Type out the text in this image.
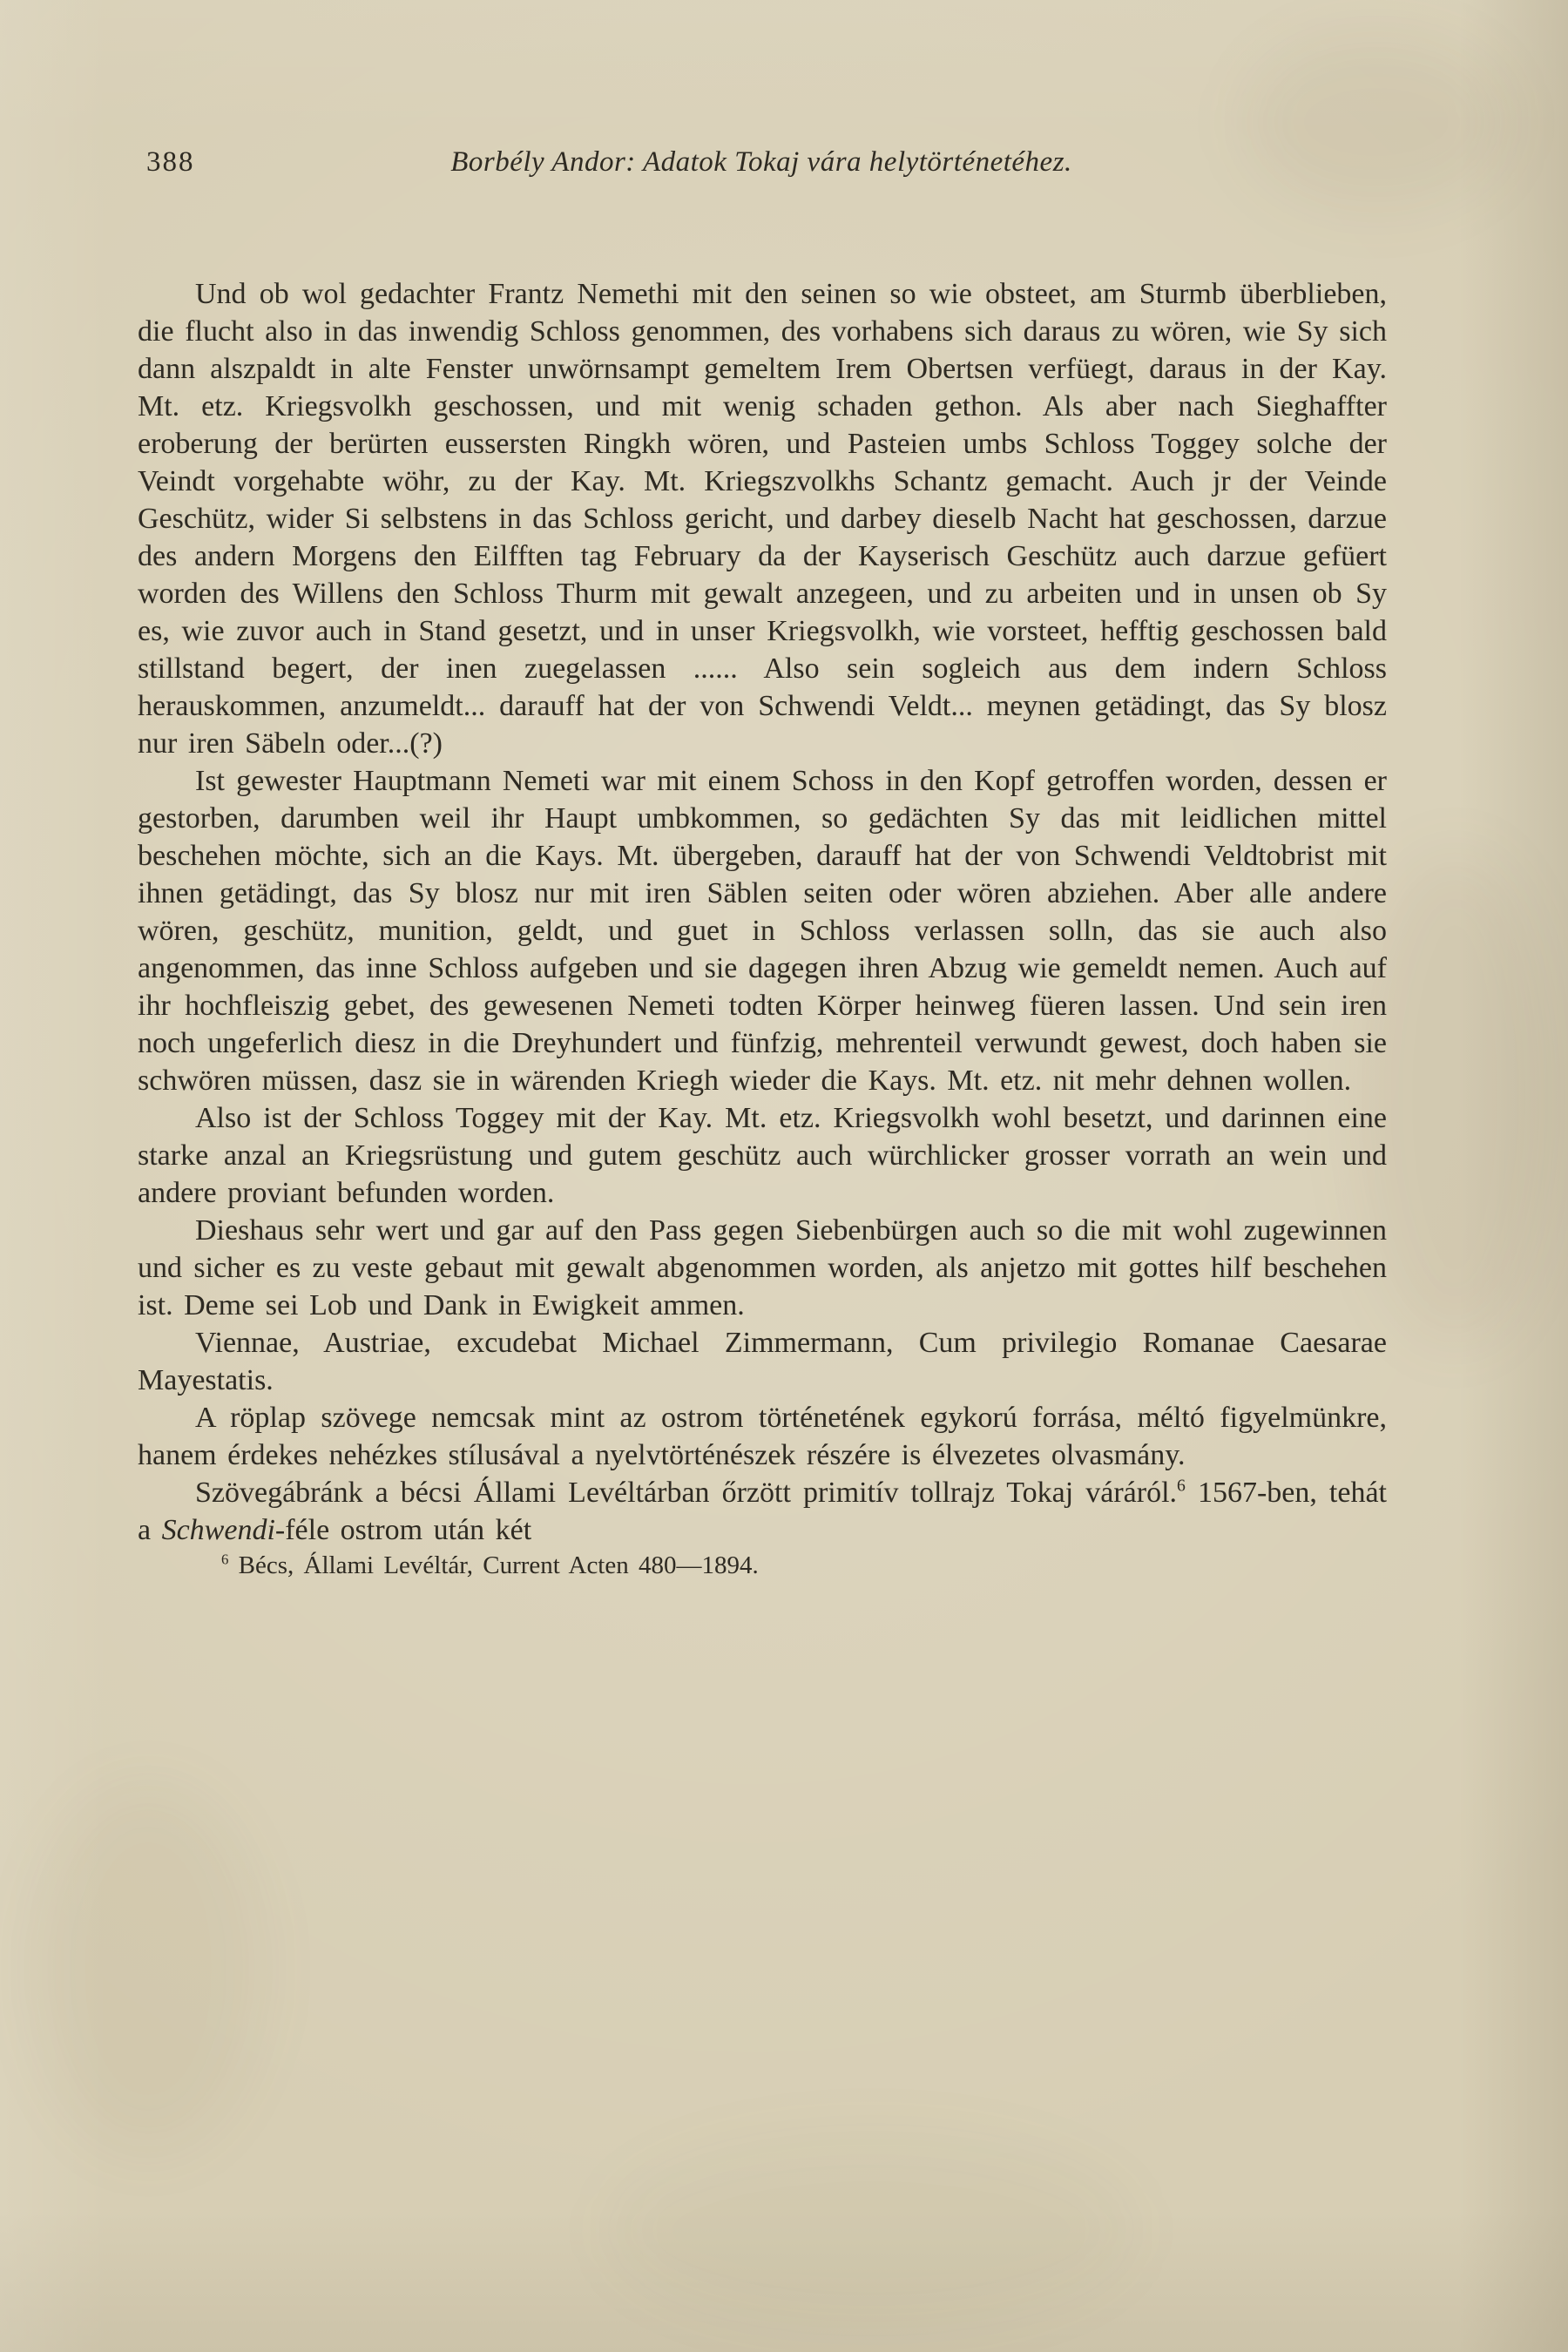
388	Borbély Andor: Adatok Tokaj vára helytörténetéhez.

Und ob wol gedachter Frantz Nemethi mit den seinen so wie obsteet, am Sturmb überblieben, die flucht also in das inwendig Schloss genommen, des vorhabens sich daraus zu wören, wie Sy sich dann alszpaldt in alte Fenster unwörnsampt gemeltem Irem Obertsen verfüegt, daraus in der Kay. Mt. etz. Kriegsvolkh geschossen, und mit wenig schaden gethon. Als aber nach Sieghaffter eroberung der berürten eussersten Ringkh wören, und Pasteien umbs Schloss Toggey solche der Veindt vorgehabte wöhr, zu der Kay. Mt. Kriegszvolkhs Schantz gemacht. Auch jr der Veinde Geschütz, wider Si selbstens in das Schloss gericht, und darbey dieselb Nacht hat geschossen, darzue des andern Morgens den Eilfften tag February da der Kayserisch Geschütz auch darzue gefüert worden des Willens den Schloss Thurm mit gewalt anzegeen, und zu arbeiten und in unsen ob Sy es, wie zuvor auch in Stand gesetzt, und in unser Kriegsvolkh, wie vorsteet, hefftig geschossen bald stillstand begert, der inen zuegelassen ...... Also sein sogleich aus dem indern Schloss herauskommen, anzumeldt... darauff hat der von Schwendi Veldt... meynen getädingt, das Sy blosz nur iren Säbeln oder...(?)

Ist gewester Hauptmann Nemeti war mit einem Schoss in den Kopf getroffen worden, dessen er gestorben, darumben weil ihr Haupt umbkommen, so gedächten Sy das mit leidlichen mittel beschehen möchte, sich an die Kays. Mt. übergeben, darauff hat der von Schwendi Veldtobrist mit ihnen getädingt, das Sy blosz nur mit iren Säblen seiten oder wören abziehen. Aber alle andere wören, geschütz, munition, geldt, und guet in Schloss verlassen solln, das sie auch also angenommen, das inne Schloss aufgeben und sie dagegen ihren Abzug wie gemeldt nemen. Auch auf ihr hochfleiszig gebet, des gewesenen Nemeti todten Körper heinweg füeren lassen. Und sein iren noch ungeferlich diesz in die Dreyhundert und fünfzig, mehrenteil verwundt gewest, doch haben sie schwören müssen, dasz sie in wärenden Kriegh wieder die Kays. Mt. etz. nit mehr dehnen wollen.

Also ist der Schloss Toggey mit der Kay. Mt. etz. Kriegsvolkh wohl besetzt, und darinnen eine starke anzal an Kriegsrüstung und gutem geschütz auch würchlicker grosser vorrath an wein und andere proviant befunden worden.

Dieshaus sehr wert und gar auf den Pass gegen Siebenbürgen auch so die mit wohl zugewinnen und sicher es zu veste gebaut mit gewalt abgenommen worden, als anjetzo mit gottes hilf beschehen ist. Deme sei Lob und Dank in Ewigkeit ammen.

Viennae, Austriae, excudebat Michael Zimmermann, Cum privilegio Romanae Caesarae Mayestatis.

A röplap szövege nemcsak mint az ostrom történetének egykorú forrása, méltó figyelmünkre, hanem érdekes nehézkes stílusával a nyelvtörténészek részére is élvezetes olvasmány.

Szövegábránk a bécsi Állami Levéltárban őrzött primitív tollrajz Tokaj váráról.$^6$ 1567-ben, tehát a Schwendi-féle ostrom után két

$^6$ Bécs, Állami Levéltár, Current Acten 480—1894.
